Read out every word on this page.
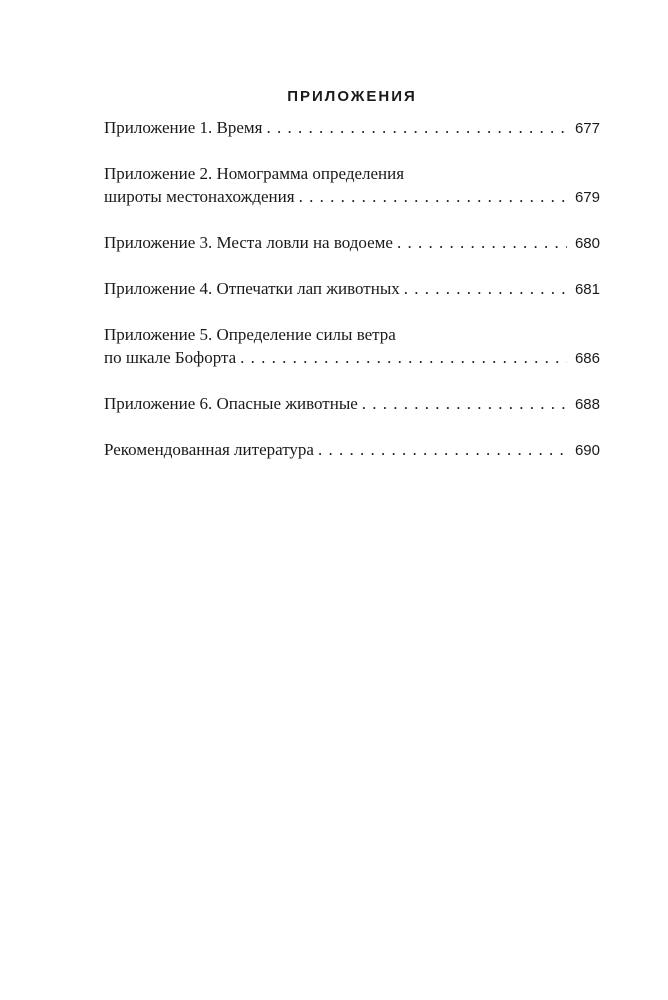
ПРИЛОЖЕНИЯ
Приложение 1. Время . . .	677
Приложение 2. Номограмма определения
широты местонахождения . . .	679
Приложение 3. Места ловли на водоеме . . .	680
Приложение 4. Отпечатки лап животных . . .	681
Приложение 5. Определение силы ветра
по шкале Бофорта . . .	686
Приложение 6. Опасные животные . . .	688
Рекомендованная литература . . .	690
